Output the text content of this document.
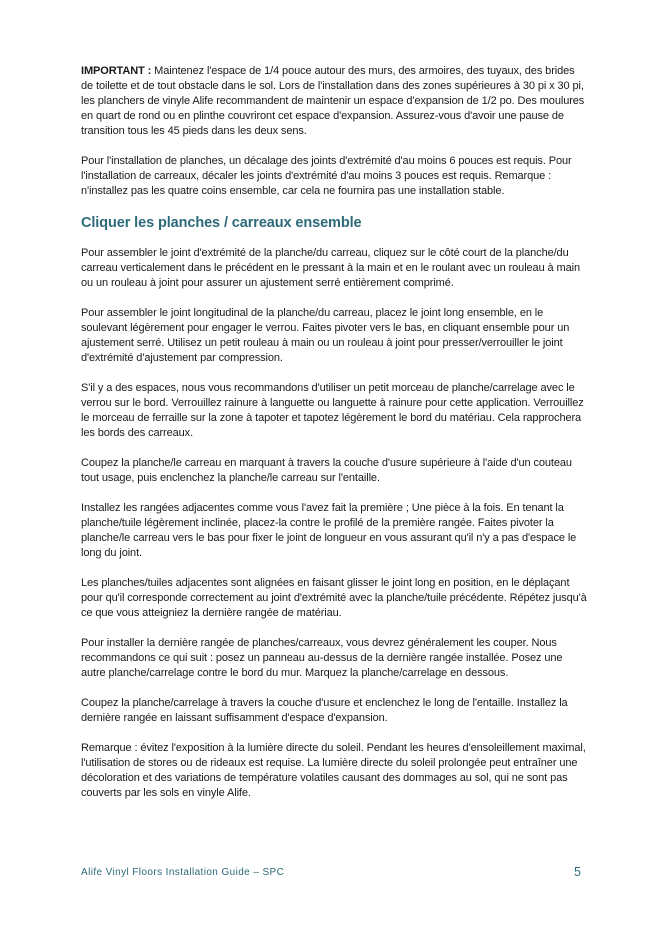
IMPORTANT : Maintenez l'espace de 1/4 pouce autour des murs, des armoires, des tuyaux, des brides de toilette et de tout obstacle dans le sol. Lors de l'installation dans des zones supérieures à 30 pi x 30 pi, les planchers de vinyle Alife recommandent de maintenir un espace d'expansion de 1/2 po. Des moulures en quart de rond ou en plinthe couvriront cet espace d'expansion. Assurez-vous d'avoir une pause de transition tous les 45 pieds dans les deux sens.

Pour l'installation de planches, un décalage des joints d'extrémité d'au moins 6 pouces est requis. Pour l'installation de carreaux, décaler les joints d'extrémité d'au moins 3 pouces est requis. Remarque : n'installez pas les quatre coins ensemble, car cela ne fournira pas une installation stable.

Cliquer les planches / carreaux ensemble

Pour assembler le joint d'extrémité de la planche/du carreau, cliquez sur le côté court de la planche/du carreau verticalement dans le précédent en le pressant à la main et en le roulant avec un rouleau à main ou un rouleau à joint pour assurer un ajustement serré entièrement comprimé.

Pour assembler le joint longitudinal de la planche/du carreau, placez le joint long ensemble, en le soulevant légèrement pour engager le verrou. Faites pivoter vers le bas, en cliquant ensemble pour un ajustement serré. Utilisez un petit rouleau à main ou un rouleau à joint pour presser/verrouiller le joint d'extrémité d'ajustement par compression.

S'il y a des espaces, nous vous recommandons d'utiliser un petit morceau de planche/carrelage avec le verrou sur le bord. Verrouillez rainure à languette ou languette à rainure pour cette application. Verrouillez le morceau de ferraille sur la zone à tapoter et tapotez légèrement le bord du matériau. Cela rapprochera les bords des carreaux.

Coupez la planche/le carreau en marquant à travers la couche d'usure supérieure à l'aide d'un couteau tout usage, puis enclenchez la planche/le carreau sur l'entaille.

Installez les rangées adjacentes comme vous l'avez fait la première ; Une pièce à la fois. En tenant la planche/tuile légèrement inclinée, placez-la contre le profilé de la première rangée. Faites pivoter la planche/le carreau vers le bas pour fixer le joint de longueur en vous assurant qu'il n'y a pas d'espace le long du joint.

Les planches/tuiles adjacentes sont alignées en faisant glisser le joint long en position, en le déplaçant pour qu'il corresponde correctement au joint d'extrémité avec la planche/tuile précédente. Répétez jusqu'à ce que vous atteigniez la dernière rangée de matériau.

Pour installer la dernière rangée de planches/carreaux, vous devrez généralement les couper. Nous recommandons ce qui suit : posez un panneau au-dessus de la dernière rangée installée. Posez une autre planche/carrelage contre le bord du mur. Marquez la planche/carrelage en dessous.

Coupez la planche/carrelage à travers la couche d'usure et enclenchez le long de l'entaille. Installez la dernière rangée en laissant suffisamment d'espace d'expansion.

Remarque : évitez l'exposition à la lumière directe du soleil. Pendant les heures d'ensoleillement maximal, l'utilisation de stores ou de rideaux est requise. La lumière directe du soleil prolongée peut entraîner une décoloration et des variations de température volatiles causant des dommages au sol, qui ne sont pas couverts par les sols en vinyle Alife.

Alife Vinyl Floors Installation Guide – SPC	5
